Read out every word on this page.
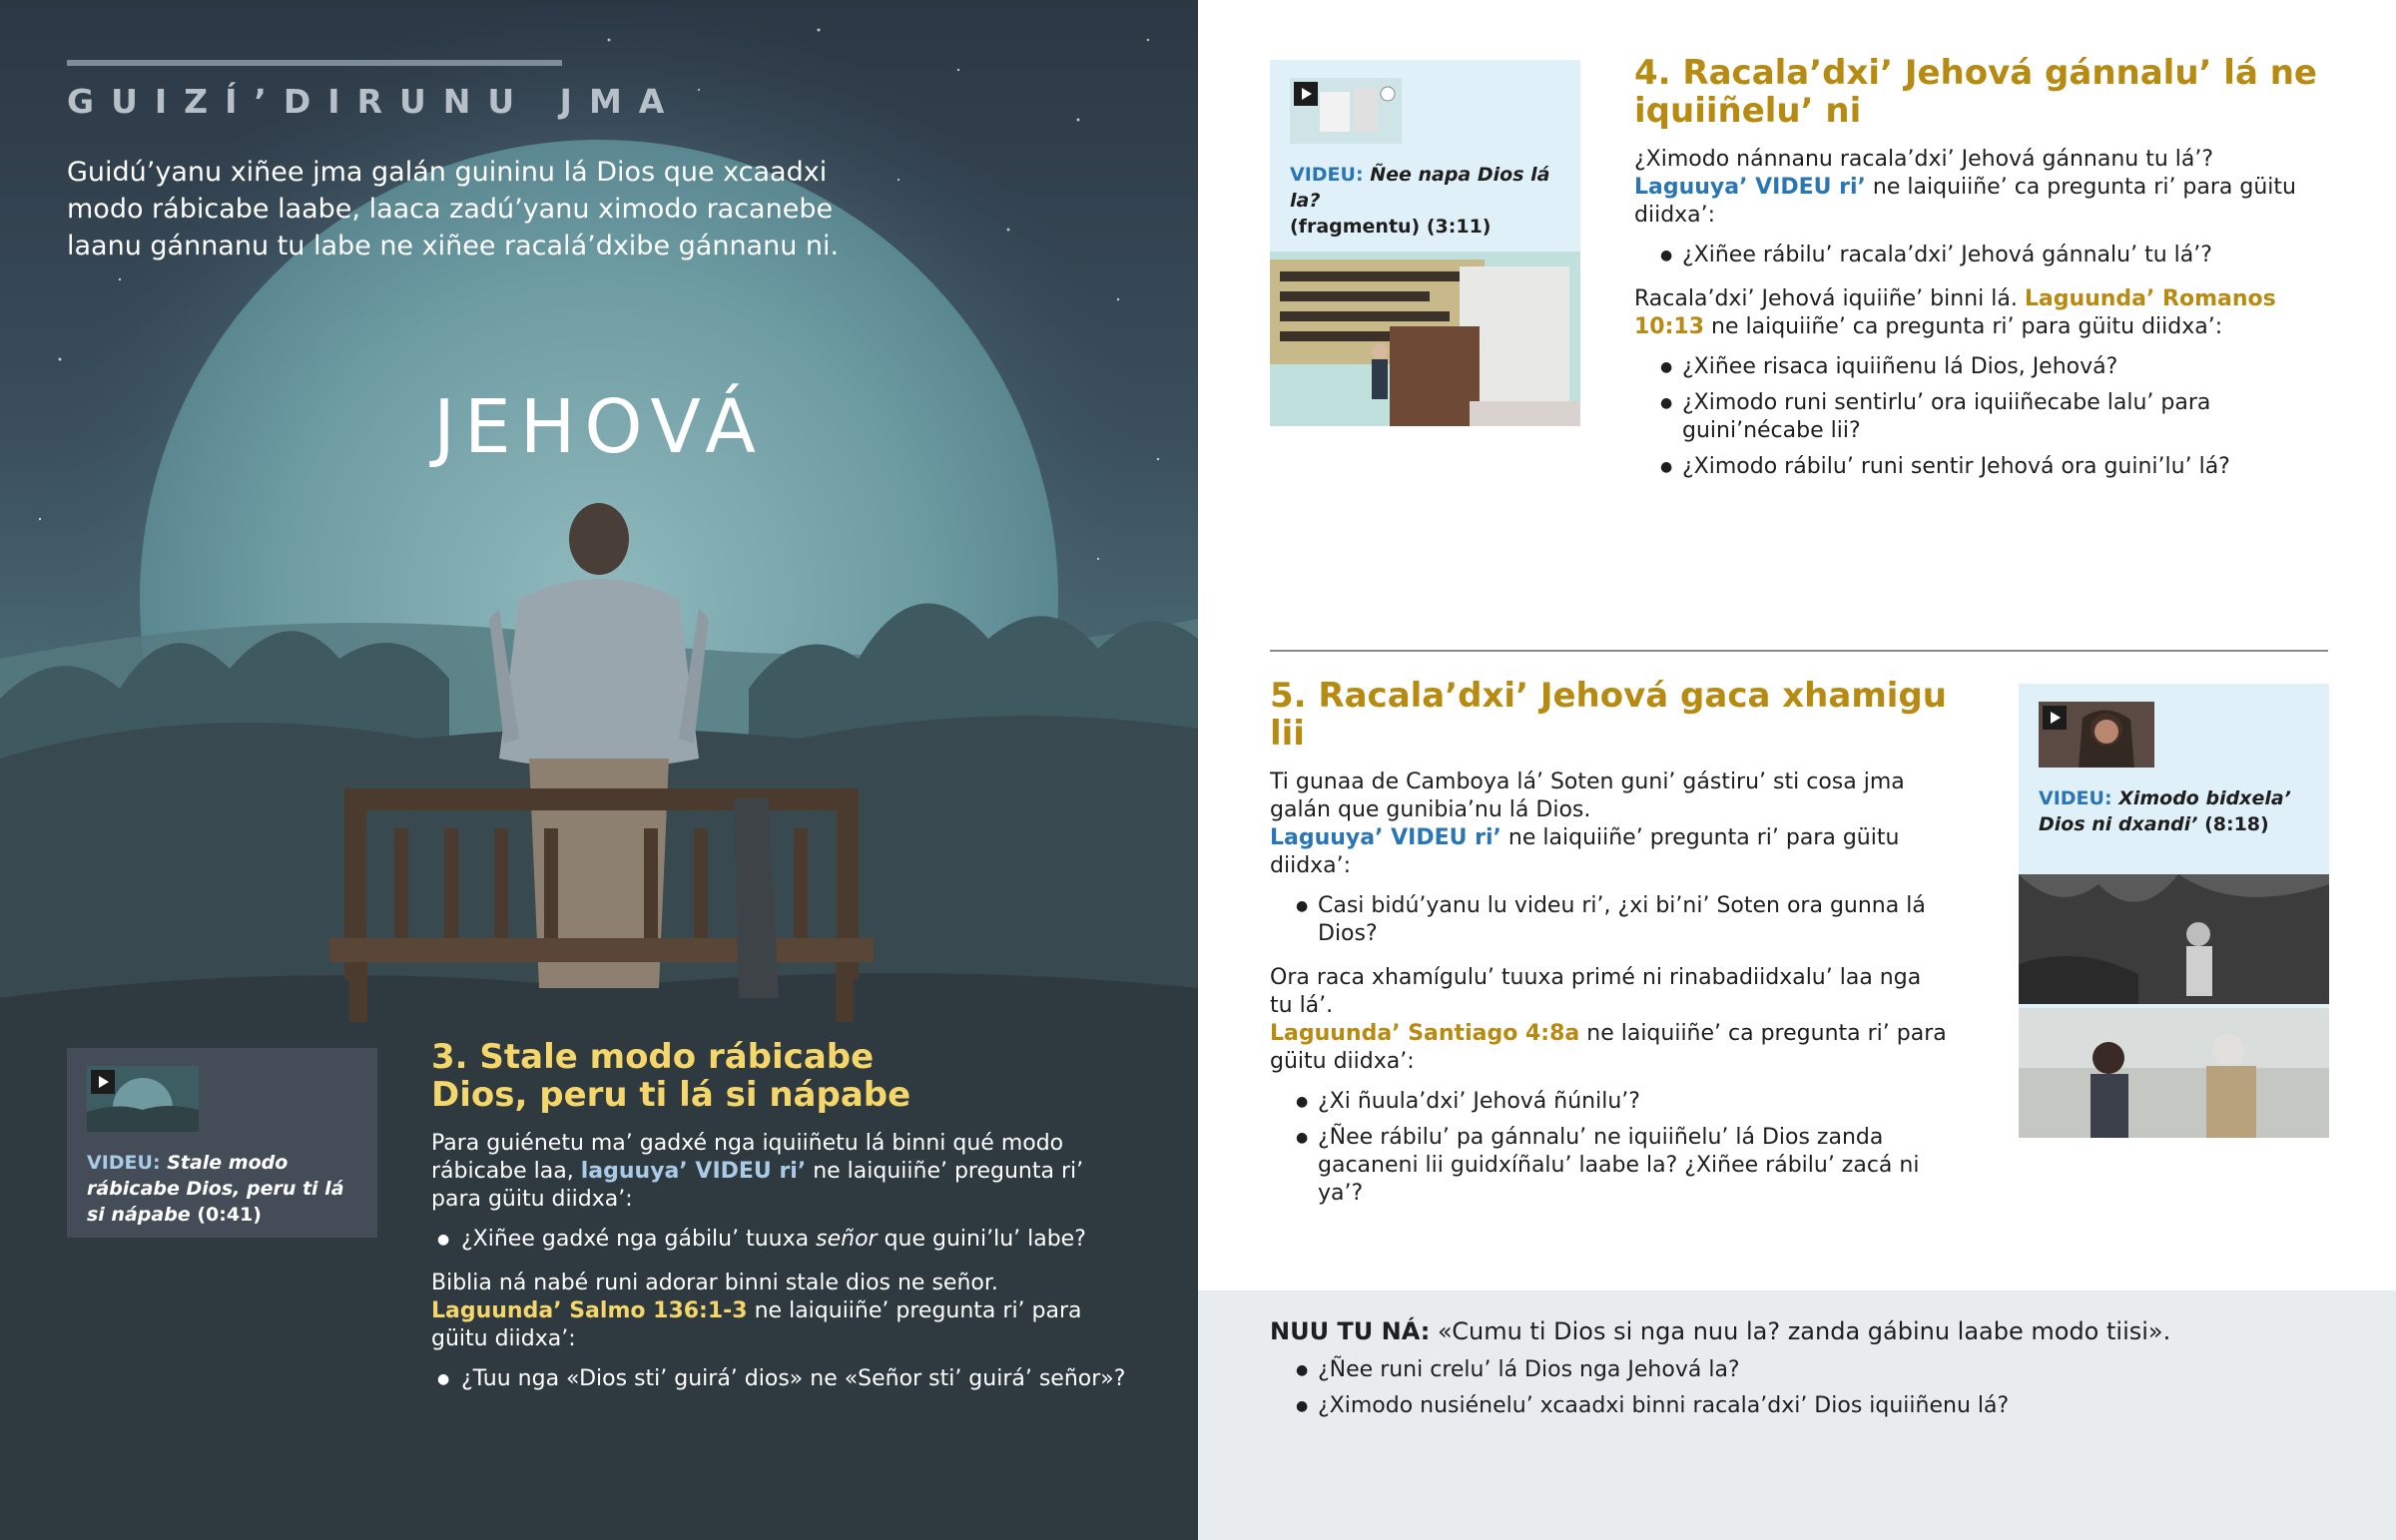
GUIZÍ’DIRUNU JMA
Guidú’yanu xiñee jma galán guininu lá Dios que xcaadxi modo rábicabe laabe, laaca zadú’yanu ximodo racanebe laanu gánnanu tu labe ne xiñee racalá’dxibe gánnanu ni.
JEHOVÁ
VIDEU: Stale modo rábicabe Dios, peru ti lá si nápabe (0:41)
3. Stale modo rábicabe Dios, peru ti lá si nápabe
Para guiénetu ma’ gadxé nga iquiiñetu lá binni qué modo rábicabe laa, laguuya’ VIDEU ri’ ne laiquiiñe’ pregunta ri’ para güitu diidxa’:
● ¿Xiñee gadxé nga gábilu’ tuuxa señor que guini’lu’ labe?
Biblia ná nabé runi adorar binni stale dios ne señor. Laguunda’ Salmo 136:1-3 ne laiquiiñe’ pregunta ri’ para güitu diidxa’:
● ¿Tuu nga «Dios sti’ guirá’ dios» ne «Señor sti’ guirá’ señor»?
VIDEU: Ñee napa Dios lá la?
(fragmentu) (3:11)
4. Racala’dxi’ Jehová gánnalu’ lá ne iquiiñelu’ ni
¿Ximodo nánnanu racala’dxi’ Jehová gánnanu tu lá’?
Laguuya’ VIDEU ri’ ne laiquiiñe’ ca pregunta ri’ para güitu diidxa’:
● ¿Xiñee rábilu’ racala’dxi’ Jehová gánnalu’ tu lá’?
Racala’dxi’ Jehová iquiiñe’ binni lá. Laguunda’ Romanos 10:13 ne laiquiiñe’ ca pregunta ri’ para güitu diidxa’:
● ¿Xiñee risaca iquiiñenu lá Dios, Jehová?
● ¿Ximodo runi sentirlu’ ora iquiiñecabe lalu’ para guini’nécabe lii?
● ¿Ximodo rábilu’ runi sentir Jehová ora guini’lu’ lá?
5. Racala’dxi’ Jehová gaca xhamigu lii
Ti gunaa de Camboya lá’ Soten guni’ gástiru’ sti cosa jma galán que gunibia’nu lá Dios.
Laguuya’ VIDEU ri’ ne laiquiiñe’ pregunta ri’ para güitu diidxa’:
● Casi bidú’yanu lu videu ri’, ¿xi bi’ni’ Soten ora gunna lá Dios?
Ora raca xhamígulu’ tuuxa primé ni rinabadiidxalu’ laa nga tu lá’.
Laguunda’ Santiago 4:8a ne laiquiiñe’ ca pregunta ri’ para güitu diidxa’:
● ¿Xi ñuula’dxi’ Jehová ñúnilu’?
● ¿Ñee rábilu’ pa gánnalu’ ne iquiiñelu’ lá Dios zanda gacaneni lii guidxíñalu’ laabe la? ¿Xiñee rábilu’ zacá ni ya’?
VIDEU: Ximodo bidxela’ Dios ni dxandi’ (8:18)
NUU TU NÁ: «Cumu ti Dios si nga nuu la? zanda gábinu laabe modo tiisi».
● ¿Ñee runi crelu’ lá Dios nga Jehová la?
● ¿Ximodo nusiénelu’ xcaadxi binni racala’dxi’ Dios iquiiñenu lá?
